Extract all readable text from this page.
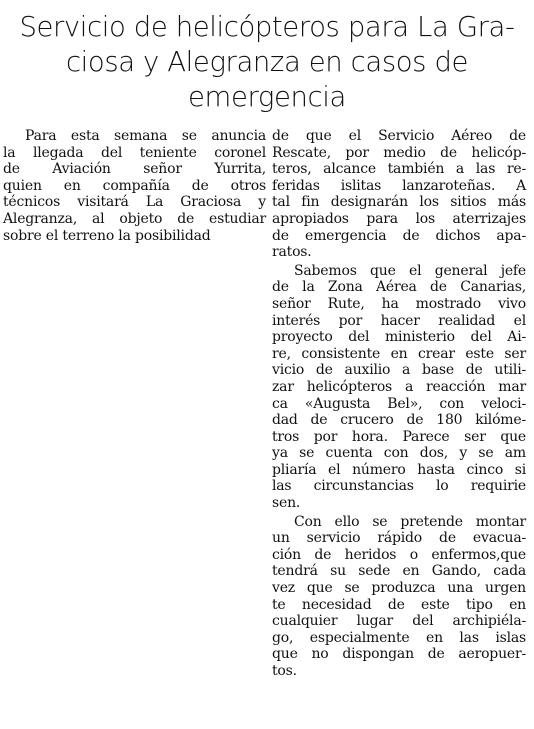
Servicio de helicópteros para La Gra-
ciosa y Alegranza en casos de
emergencia
Para esta semana se anuncia
la llegada del teniente coronel
de Aviación señor Yurrita,
quien en compañía de otros
técnicos visitará La Graciosa y
Alegranza, al objeto de estudiar
sobre el terreno la posibilidad
de que el Servicio Aéreo de
Rescate, por medio de helicóp-
teros, alcance también a las re-
feridas islitas lanzaroteñas. A
tal fin designarán los sitios más
apropiados para los aterrizajes
de emergencia de dichos apa-
ratos.
Sabemos que el general jefe
de la Zona Aérea de Canarias,
señor Rute, ha mostrado vivo
interés por hacer realidad el
proyecto del ministerio del Ai-
re, consistente en crear este ser
vicio de auxilio a base de utili-
zar helicópteros a reacción mar
ca «Augusta Bel», con veloci-
dad de crucero de 180 kilóme-
tros por hora. Parece ser que
ya se cuenta con dos, y se am
pliaría el número hasta cinco si
las circunstancias lo requirie
sen.
Con ello se pretende montar
un servicio rápido de evacua-
ción de heridos o enfermos,que
tendrá su sede en Gando, cada
vez que se produzca una urgen
te necesidad de este tipo en
cualquier lugar del archipiéla-
go, especialmente en las islas
que no dispongan de aeropuer-
tos.
